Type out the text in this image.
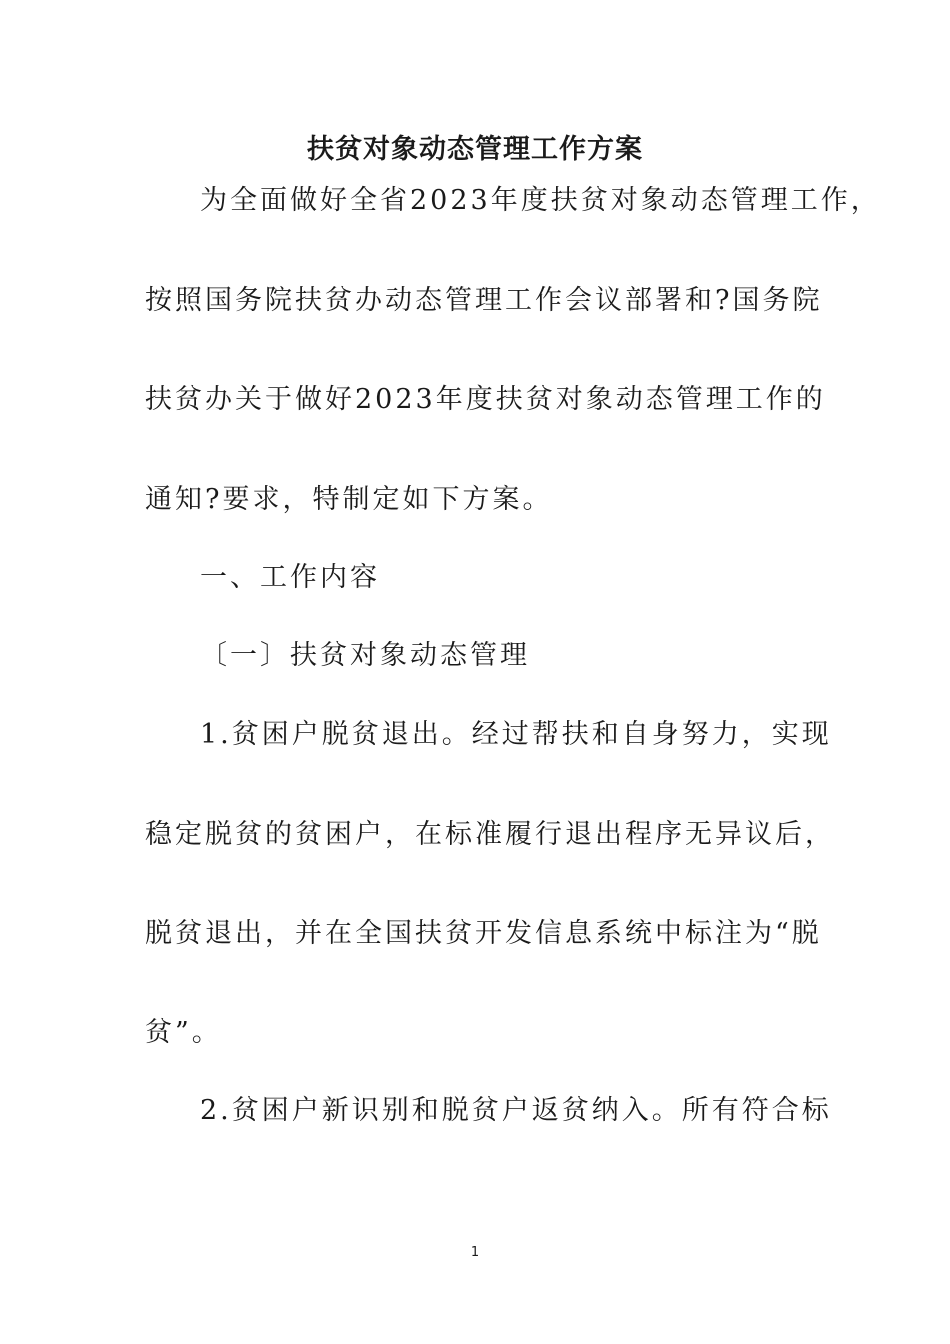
扶贫对象动态管理工作方案
为全面做好全省2023年度扶贫对象动态管理工作，
按照国务院扶贫办动态管理工作会议部署和?国务院
扶贫办关于做好2023年度扶贫对象动态管理工作的
通知?要求，特制定如下方案。
一、工作内容
〔一〕扶贫对象动态管理
1.贫困户脱贫退出。经过帮扶和自身努力，实现
稳定脱贫的贫困户，在标准履行退出程序无异议后，
脱贫退出，并在全国扶贫开发信息系统中标注为“脱
贫”。
2.贫困户新识别和脱贫户返贫纳入。所有符合标
1
